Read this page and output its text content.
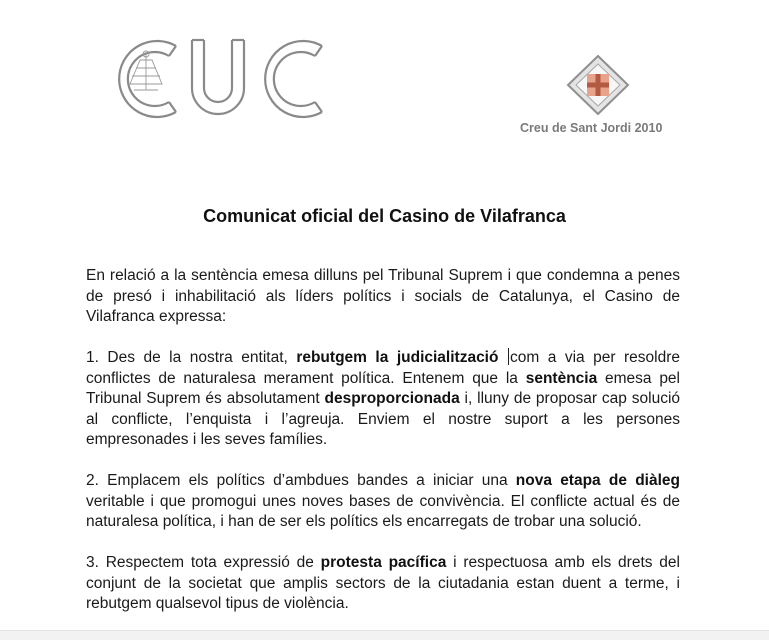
Creu de Sant Jordi 2010
Comunicat oficial del Casino de Vilafranca

En relació a la sentència emesa dilluns pel Tribunal Suprem i que condemna a penes de presó i inhabilitació als líders polítics i socials de Catalunya, el Casino de Vilafranca expressa:

1. Des de la nostra entitat, rebutgem la judicialització com a via per resoldre conflictes de naturalesa merament política. Entenem que la sentència emesa pel Tribunal Suprem és absolutament desproporcionada i, lluny de proposar cap solució al conflicte, l’enquista i l’agreuja. Enviem el nostre suport a les persones empresonades i les seves famílies.

2. Emplacem els polítics d’ambdues bandes a iniciar una nova etapa de diàleg veritable i que promogui unes noves bases de convivència. El conflicte actual és de naturalesa política, i han de ser els polítics els encarregats de trobar una solució.

3. Respectem tota expressió de protesta pacífica i respectuosa amb els drets del conjunt de la societat que amplis sectors de la ciutadania estan duent a terme, i rebutgem qualsevol tipus de violència.
